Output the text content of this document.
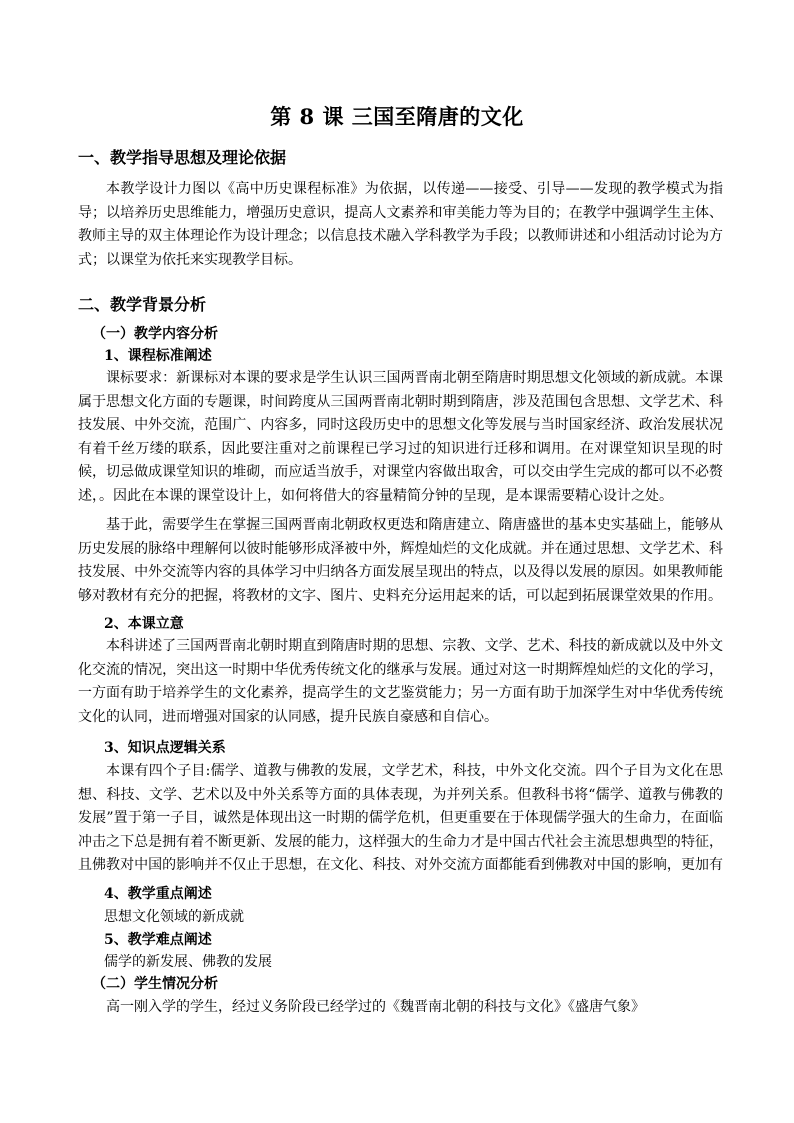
第 8 课 三国至隋唐的文化
一、教学指导思想及理论依据

本教学设计力图以《高中历史课程标准》为依据，以传递——接受、引导——发现的教学模式为指导；以培养历史思维能力，增强历史意识，提高人文素养和审美能力等为目的；在教学中强调学生主体、教师主导的双主体理论作为设计理念；以信息技术融入学科教学为手段；以教师讲述和小组活动讨论为方式；以课堂为依托来实现教学目标。

二、教学背景分析
（一）教学内容分析
1、课程标准阐述

课标要求：新课标对本课的要求是学生认识三国两晋南北朝至隋唐时期思想文化领域的新成就。本课属于思想文化方面的专题课，时间跨度从三国两晋南北朝时期到隋唐，涉及范围包含思想、文学艺术、科技发展、中外交流，范围广、内容多，同时这段历史中的思想文化等发展与当时国家经济、政治发展状况有着千丝万缕的联系，因此要注重对之前课程已学习过的知识进行迁移和调用。在对课堂知识呈现的时候，切忌做成课堂知识的堆砌，而应适当放手，对课堂内容做出取舍，可以交由学生完成的都可以不必赘述，。因此在本课的课堂设计上，如何将借大的容量精简分钟的呈现，是本课需要精心设计之处。

基于此，需要学生在掌握三国两晋南北朝政权更迭和隋唐建立、隋唐盛世的基本史实基础上，能够从历史发展的脉络中理解何以彼时能够形成泽被中外，辉煌灿烂的文化成就。并在通过思想、文学艺术、科技发展、中外交流等内容的具体学习中归纳各方面发展呈现出的特点，以及得以发展的原因。如果教师能够对教材有充分的把握，将教材的文字、图片、史料充分运用起来的话，可以起到拓展课堂效果的作用。

2、本课立意

本科讲述了三国两晋南北朝时期直到隋唐时期的思想、宗教、文学、艺术、科技的新成就以及中外文化交流的情况，突出这一时期中华优秀传统文化的继承与发展。通过对这一时期辉煌灿烂的文化的学习，一方面有助于培养学生的文化素养，提高学生的文艺鉴赏能力；另一方面有助于加深学生对中华优秀传统文化的认同，进而增强对国家的认同感，提升民族自豪感和自信心。

3、知识点逻辑关系

本课有四个子目:儒学、道教与佛教的发展，文学艺术，科技，中外文化交流。四个子目为文化在思想、科技、文学、艺术以及中外关系等方面的具体表现，为并列关系。但教科书将“儒学、道教与佛教的发展”置于第一子目，诚然是体现出这一时期的儒学危机，但更重要在于体现儒学强大的生命力，在面临冲击之下总是拥有着不断更新、发展的能力，这样强大的生命力才是中国古代社会主流思想典型的特征，且佛教对中国的影响并不仅止于思想，在文化、科技、对外交流方面都能看到佛教对中国的影响，更加有

4、教学重点阐述
思想文化领域的新成就
5、教学难点阐述
儒学的新发展、佛教的发展
（二）学生情况分析

高一刚入学的学生，经过义务阶段已经学过的《魏晋南北朝的科技与文化》《盛唐气象》
